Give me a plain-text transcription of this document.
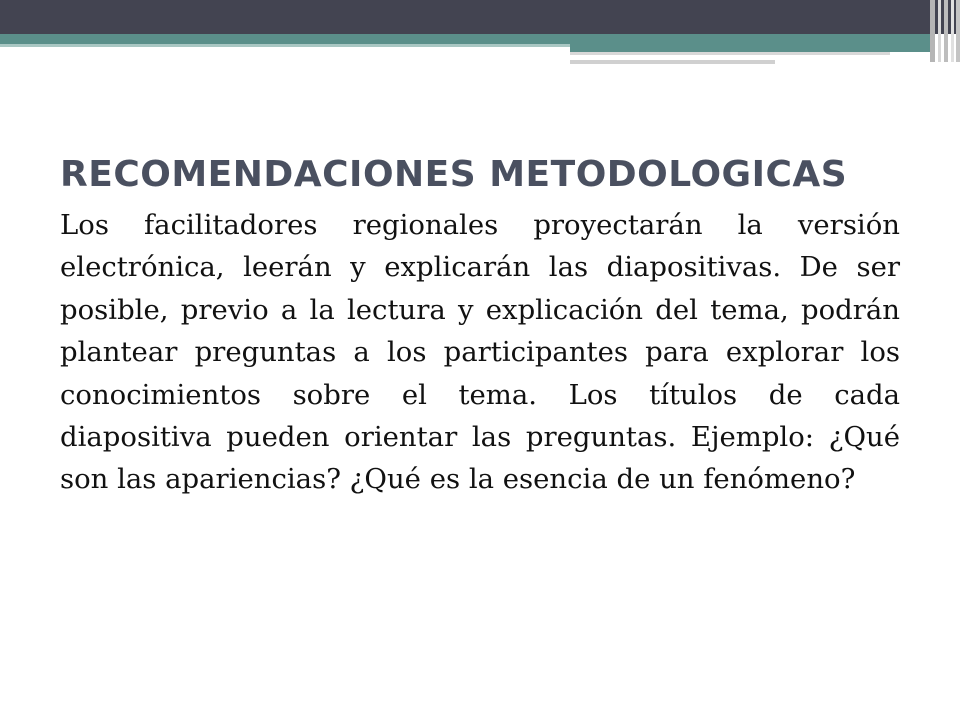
RECOMENDACIONES METODOLOGICAS

Los facilitadores regionales proyectarán la versión electrónica, leerán y explicarán las diapositivas. De ser posible, previo a la lectura y explicación del tema, podrán plantear preguntas a los participantes para explorar los conocimientos sobre el tema. Los títulos de cada diapositiva pueden orientar las preguntas. Ejemplo: ¿Qué son las apariencias? ¿Qué es la esencia de un fenómeno?
